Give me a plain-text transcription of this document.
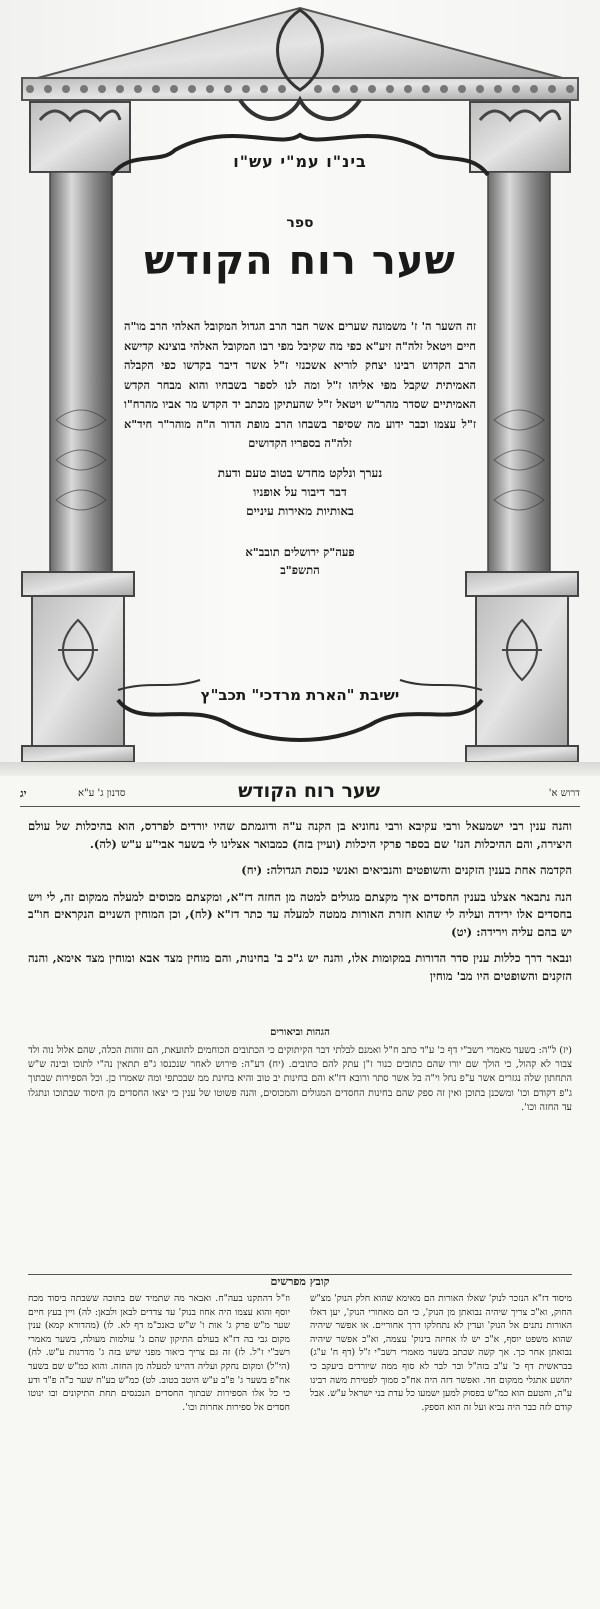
בינ"ו עמ"י עש"ו
ספר
שער רוח הקודש
זה השער ה' ז' משמונה שערים אשר חבר הרב הגדול המקובל האלהי הרב מו"ה חיים ויטאל זלה"ה זיע"א כפי מה שקיבל מפי רבו המקובל האלהי בוצינא קדישא הרב הקדוש רבינו יצחק לוריא אשכנזי ז"ל אשר דיבר בקדשו כפי הקבלה האמיתית שקבל מפי אליהו ז"ל ומה לנו לספר בשבחיו והוא מבחר הקדש האמיתיים שסדר מהר"ש ויטאל ז"ל שהעתיקן מכתב יד הקדש מר אביו מהרח"ו ז"ל עצמו וכבר ידוע מה שסיפר בשבחו הרב מופת הדור ה"ה מוהר"ר חיד"א זלה"ה בספריו הקדושים
נערך ונלקט מחדש בטוב טעם ודעת
דבר דיבור על אופניו
באותיות מאירות עיניים
פעה"ק ירושלים תובב"א
התשפ"ב
ישיבת "הארת מרדכי" תכב"ץ
דרוש א'
שער רוח הקודש
סדנון ג' ע"א
יג

והנה ענין רבי ישמעאל ורבי עקיבא ורבי נחוניא בן הקנה ע"ה ודוגמתם שהיו יורדים לפרדס, הוא בהיכלות של עולם היצירה, והם ההיכלות הנז' שם בספר פרקי היכלות (ועיין בזה) כמבואר אצלינו לי בשער אבי"ע ע"ש (לה).

הקדמה אחת בענין הזקנים והשופטים והנביאים ואנשי כנסת הגדולה: (יח)

הנה נתבאר אצלנו בענין החסדים איך מקצתם מגולים למטה מן החזה דז"א, ומקצתם מכוסים למעלה ממקום זה, לי ויש בחסדים אלו ירידה ועליה לי שהוא חזרת האורות ממטה למעלה עד כתר דז"א (לח), וכן המוחין השניים הנקראים חו"ב יש בהם עליה וירידה: (יט)

ונבאר דרך כללות ענין סדר הדורות במקומות אלו, והנה יש ג"כ ב' בחינות, והם מוחין מצד אבא ומוחין מצד אימא, והנה הזקנים והשופטים היו מב' מוחין

הגהות וביאורים
(יז) ל"ה: בשער מאמרי רשב"י דף כ' ע"ד כתב ח"ל ואמנם לבלתי דבר הקיתוקים כי הכתובים הכוחמים לתועאת, הם זוהות הכלה, שהם אלול נוה ולד צבור לא קהול, כי הולך שם יורו שהם כתובים כנור ז"ן עתק להם כתובים. (יח) דע"ה: פירוש לאחר שנכנסו ג"פ תתאין נה"י לתוכו ובינה ש"ש התחתון שלה נגזרים אשר ע"פ נחל וי"ה בל אשר סתר ורובא דז"א והם בחינות יב טוב והיא בחינת ממ שבכתפי ומה שאמרו כן. וכל הספירות שבתוך ג"פ דקודם וכו' ומשכנן בתוכן ואין זה ספק שהם בחינות החסדים המגולים והמכוסים, והנה פשוטו של ענין כי יצאו החסדים מן היסוד שבתוכו ונתגלו עד החזה וכו'.
קובץ מפרשים
מיסוד דז"א הנזכר לנוק' שאלו האורות הם מאימא שהוא חלק הנוק' מצ"ש החוק, וא"כ צריך שיהיה נבואתן מן הנוק', כי הם מאחורי הנוק', יען דאלו האורות נתנים אל הנוק' ועדין לא נתחלקו דרך אחוריים. או אפשר שיהיה שהוא משפט יוסף, א"כ יש לו אחיזה בינוק' עצמה, וא"כ אפשר שיהיה נבואתן אחר כך. אך קשה שכתב בשער מאמרי רשב"י ז"ל (דף ח' ע"ג) בבראשית דף כ' ע"ב בזה"ל ובר לבר לא סוף ממה שיורדים ביעקב כי יהושע אתגלי ממקום חד. ואפשר דזה היה אח"כ סמוך לפטירת משה רבינו ע"ה, והטעם הוא כמ"ש בפסוק למען ישמעו כל עדת בני ישראל ע"ש. אבל קודם לזה כבר היה נביא ועל זה הוא הספק.
וז"ל דהתקנו בעה"ח. ואבאר מה שתמיד שם בתוכה ששבתה ביסוד מכח יוסף והוא עצמו היה אחוז בנוק' עד צדדים לבאן ולבאן: לה) ויין בעץ חיים שער מ"ש פרק ג' אות ו' ש"ש כאנכ"מ דף לא. לו) (מהדורא קמא) ענין מקום גבי בה דז"א בעולם התיקון שהם ג' עולמות מעולה, בשער מאמרי רשב"י ז"ל. לז) זה גם צריך ביאור מפני שיש בזה ג' מדרגות ע"ש. לח) (הי"ל) ומקום נחקק ועליה דהיינו למעלה מן החזה. והוא כמ"ש שם בשער אח"פ בשער ג' פ"ב ע"ש היטב בטוב. לט) כמ"ש בע"ח שער כ"ה פ"ד ודע כי כל אלו הספירות שבתוך החסדים הנכנסים תחת התיקונים ובו ינוטו חסדים אל ספירות אחרות וכו'.
